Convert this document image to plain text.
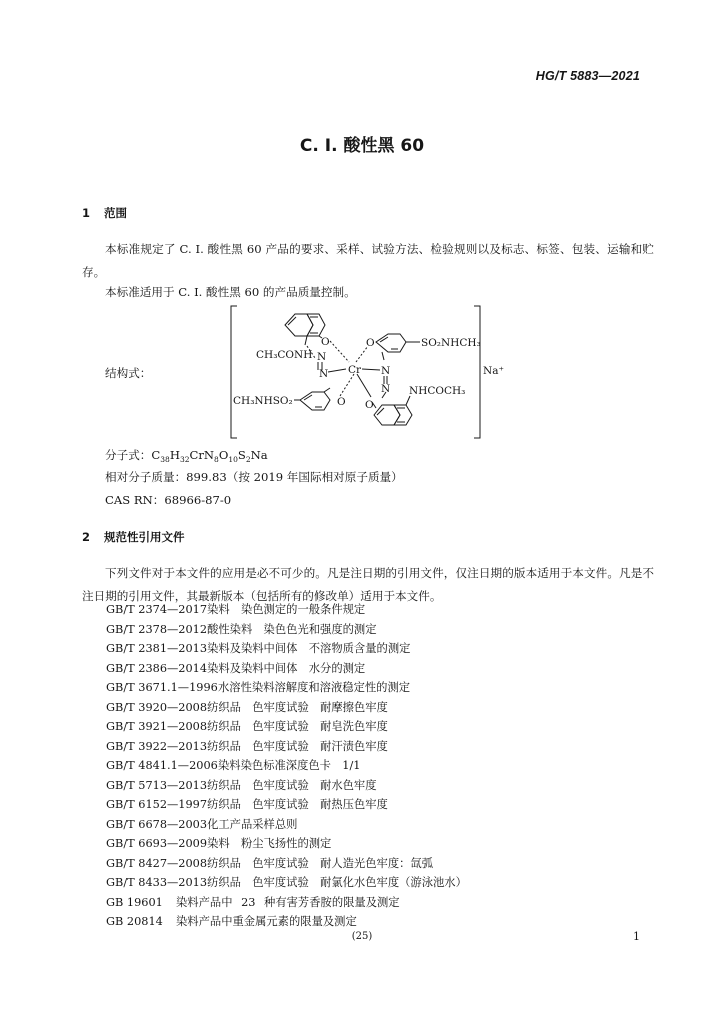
HG/T 5883—2021
C. I. 酸性黑 60
1 范围
本标准规定了 C. I. 酸性黑 60 产品的要求、采样、试验方法、检验规则以及标志、标签、包装、运输和贮存。
本标准适用于 C. I. 酸性黑 60 的产品质量控制。
结构式：
O
CH₃CONH N
N Cr
O	SO₂NHCH₃
N
N NHCOCH₃
CH₃NHSO₂	O O
Na⁺
分子式：$C_{38}H_{32}CrN_8O_{10}S_2Na$
相对分子质量：899.83（按 2019 年国际相对原子质量）
CAS RN：68966-87-0
2 规范性引用文件
下列文件对于本文件的应用是必不可少的。凡是注日期的引用文件，仅注日期的版本适用于本文件。凡是不注日期的引用文件，其最新版本（包括所有的修改单）适用于本文件。
GB/T 2374—2017染料　染色测定的一般条件规定
GB/T 2378—2012酸性染料　染色色光和强度的测定
GB/T 2381—2013染料及染料中间体　不溶物质含量的测定
GB/T 2386—2014染料及染料中间体　水分的测定
GB/T 3671.1—1996水溶性染料溶解度和溶液稳定性的测定
GB/T 3920—2008纺织品　色牢度试验　耐摩擦色牢度
GB/T 3921—2008纺织品　色牢度试验　耐皂洗色牢度
GB/T 3922—2013纺织品　色牢度试验　耐汗渍色牢度
GB/T 4841.1—2006染料染色标准深度色卡　1/1
GB/T 5713—2013纺织品　色牢度试验　耐水色牢度
GB/T 6152—1997纺织品　色牢度试验　耐热压色牢度
GB/T 6678—2003化工产品采样总则
GB/T 6693—2009染料　粉尘飞扬性的测定
GB/T 8427—2008纺织品　色牢度试验　耐人造光色牢度：氙弧
GB/T 8433—2013纺织品　色牢度试验　耐氯化水色牢度（游泳池水）
(25)	1
GB 19601 染料产品中 23 种有害芳香胺的限量及测定
GB 20814 染料产品中重金属元素的限量及测定
